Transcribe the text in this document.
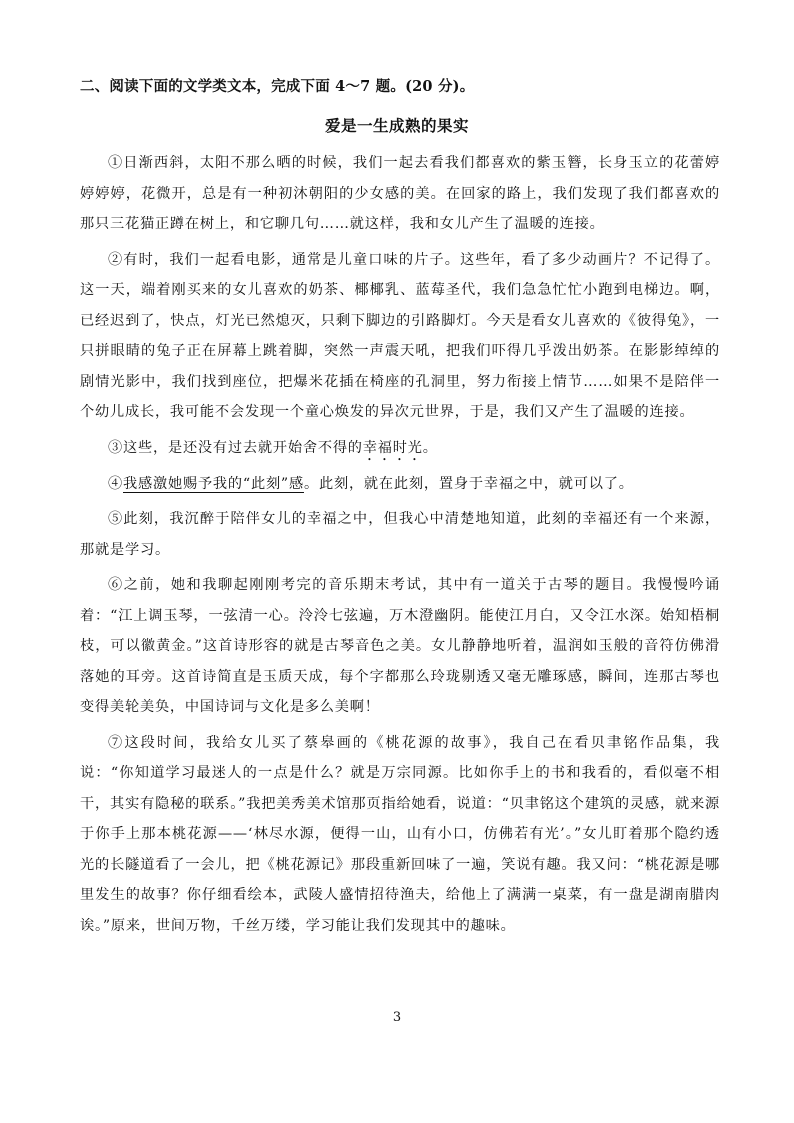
二、阅读下面的文学类文本，完成下面 4～7 题。(20 分)。
爱是一生成熟的果实

①日渐西斜，太阳不那么晒的时候，我们一起去看我们都喜欢的紫玉簪，长身玉立的花蕾婷婷婷婷，花微开，总是有一种初沐朝阳的少女感的美。在回家的路上，我们发现了我们都喜欢的那只三花猫正蹲在树上，和它聊几句……就这样，我和女儿产生了温暖的连接。

②有时，我们一起看电影，通常是儿童口味的片子。这些年，看了多少动画片？不记得了。这一天，端着刚买来的女儿喜欢的奶茶、椰椰乳、蓝莓圣代，我们急急忙忙小跑到电梯边。啊，已经迟到了，快点，灯光已然熄灭，只剩下脚边的引路脚灯。今天是看女儿喜欢的《彼得兔》，一只拼眼睛的兔子正在屏幕上跳着脚，突然一声震天吼，把我们吓得几乎泼出奶茶。在影影绰绰的剧情光影中，我们找到座位，把爆米花插在椅座的孔洞里，努力衔接上情节……如果不是陪伴一个幼儿成长，我可能不会发现一个童心焕发的异次元世界，于是，我们又产生了温暖的连接。

③这些，是还没有过去就开始舍不得的幸福时光。

④我感激她赐予我的“此刻”感。此刻，就在此刻，置身于幸福之中，就可以了。

⑤此刻，我沉醉于陪伴女儿的幸福之中，但我心中清楚地知道，此刻的幸福还有一个来源，那就是学习。

⑥之前，她和我聊起刚刚考完的音乐期末考试，其中有一道关于古琴的题目。我慢慢吟诵着：“江上调玉琴，一弦清一心。泠泠七弦遍，万木澄幽阴。能使江月白，又令江水深。始知梧桐枝，可以徽黄金。”这首诗形容的就是古琴音色之美。女儿静静地听着，温润如玉般的音符仿佛滑落她的耳旁。这首诗简直是玉质天成，每个字都那么玲珑剔透又毫无雕琢感，瞬间，连那古琴也变得美轮美奂，中国诗词与文化是多么美啊！

⑦这段时间，我给女儿买了蔡皋画的《桃花源的故事》，我自己在看贝聿铭作品集，我说：“你知道学习最迷人的一点是什么？就是万宗同源。比如你手上的书和我看的，看似毫不相干，其实有隐秘的联系。”我把美秀美术馆那页指给她看，说道：“贝聿铭这个建筑的灵感，就来源于你手上那本桃花源——‘林尽水源，便得一山，山有小口，仿佛若有光’。”女儿盯着那个隐约透光的长隧道看了一会儿，把《桃花源记》那段重新回味了一遍，笑说有趣。我又问：“桃花源是哪里发生的故事？你仔细看绘本，武陵人盛情招待渔夫，给他上了满满一桌菜，有一盘是湖南腊肉诶。”原来，世间万物，千丝万缕，学习能让我们发现其中的趣味。

3
